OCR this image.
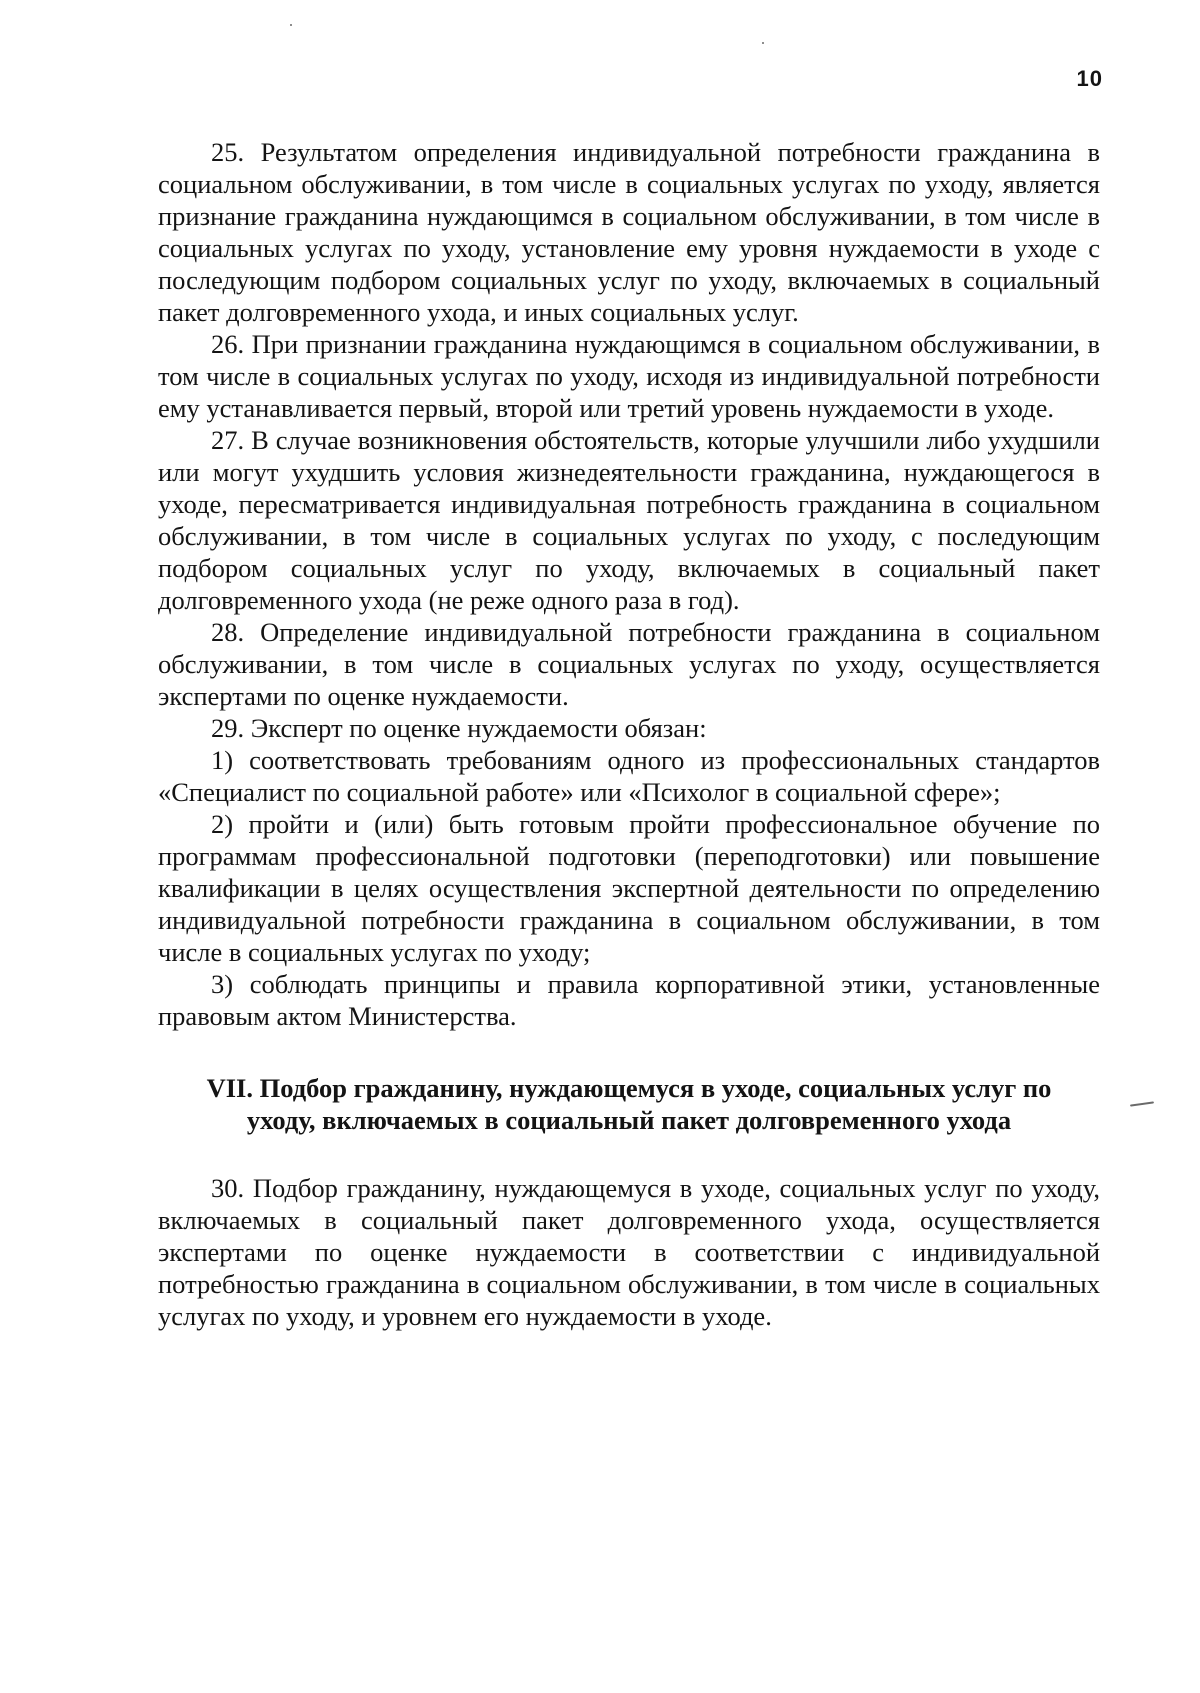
10

25. Результатом определения индивидуальной потребности гражданина в социальном обслуживании, в том числе в социальных услугах по уходу, является признание гражданина нуждающимся в социальном обслуживании, в том числе в социальных услугах по уходу, установление ему уровня нуждаемости в уходе с последующим подбором социальных услуг по уходу, включаемых в социальный пакет долговременного ухода, и иных социальных услуг.

26. При признании гражданина нуждающимся в социальном обслуживании, в том числе в социальных услугах по уходу, исходя из индивидуальной потребности ему устанавливается первый, второй или третий уровень нуждаемости в уходе.

27. В случае возникновения обстоятельств, которые улучшили либо ухудшили или могут ухудшить условия жизнедеятельности гражданина, нуждающегося в уходе, пересматривается индивидуальная потребность гражданина в социальном обслуживании, в том числе в социальных услугах по уходу, с последующим подбором социальных услуг по уходу, включаемых в социальный пакет долговременного ухода (не реже одного раза в год).

28. Определение индивидуальной потребности гражданина в социальном обслуживании, в том числе в социальных услугах по уходу, осуществляется экспертами по оценке нуждаемости.

29. Эксперт по оценке нуждаемости обязан:

1) соответствовать требованиям одного из профессиональных стандартов «Специалист по социальной работе» или «Психолог в социальной сфере»;

2) пройти и (или) быть готовым пройти профессиональное обучение по программам профессиональной подготовки (переподготовки) или повышение квалификации в целях осуществления экспертной деятельности по определению индивидуальной потребности гражданина в социальном обслуживании, в том числе в социальных услугах по уходу;

3) соблюдать принципы и правила корпоративной этики, установленные правовым актом Министерства.

VII. Подбор гражданину, нуждающемуся в уходе, социальных услуг по уходу, включаемых в социальный пакет долговременного ухода

30. Подбор гражданину, нуждающемуся в уходе, социальных услуг по уходу, включаемых в социальный пакет долговременного ухода, осуществляется экспертами по оценке нуждаемости в соответствии с индивидуальной потребностью гражданина в социальном обслуживании, в том числе в социальных услугах по уходу, и уровнем его нуждаемости в уходе.
